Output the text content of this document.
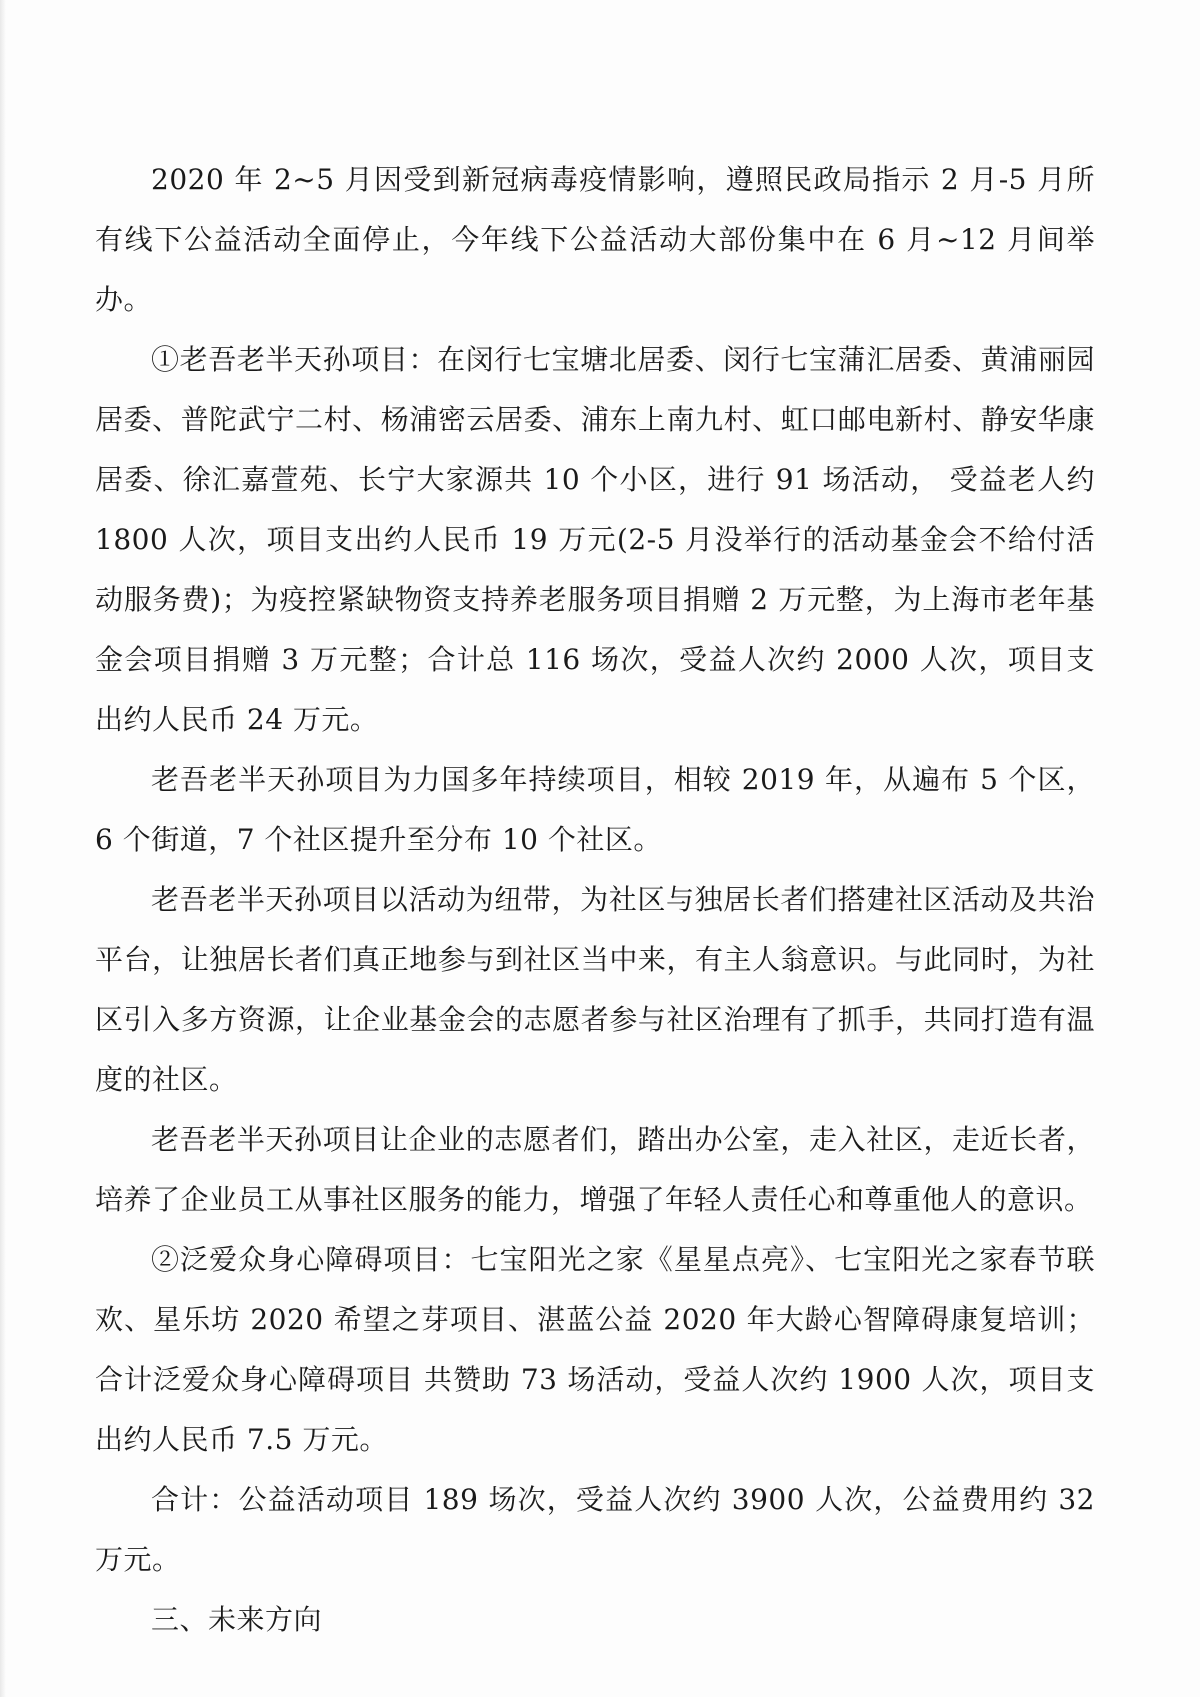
2020 年 2~5 月因受到新冠病毒疫情影响，遵照民政局指示 2 月-5 月所有线下公益活动全面停止，今年线下公益活动大部份集中在 6 月~12 月间举办。

①老吾老半天孙项目：在闵行七宝塘北居委、闵行七宝蒲汇居委、黄浦丽园居委、普陀武宁二村、杨浦密云居委、浦东上南九村、虹口邮电新村、静安华康居委、徐汇嘉萱苑、长宁大家源共 10 个小区，进行 91 场活动， 受益老人约 1800 人次，项目支出约人民币 19 万元(2-5 月没举行的活动基金会不给付活动服务费)；为疫控紧缺物资支持养老服务项目捐赠 2 万元整，为上海市老年基金会项目捐赠 3 万元整；合计总 116 场次，受益人次约 2000 人次，项目支出约人民币 24 万元。

老吾老半天孙项目为力国多年持续项目，相较 2019 年，从遍布 5 个区，6 个街道，7 个社区提升至分布 10 个社区。

老吾老半天孙项目以活动为纽带，为社区与独居长者们搭建社区活动及共治平台，让独居长者们真正地参与到社区当中来，有主人翁意识。与此同时，为社区引入多方资源，让企业基金会的志愿者参与社区治理有了抓手，共同打造有温度的社区。

老吾老半天孙项目让企业的志愿者们，踏出办公室，走入社区，走近长者，培养了企业员工从事社区服务的能力，增强了年轻人责任心和尊重他人的意识。

②泛爱众身心障碍项目：七宝阳光之家《星星点亮》、七宝阳光之家春节联欢、星乐坊 2020 希望之芽项目、湛蓝公益 2020 年大龄心智障碍康复培训；合计泛爱众身心障碍项目 共赞助 73 场活动，受益人次约 1900 人次，项目支出约人民币 7.5 万元。

合计：公益活动项目 189 场次，受益人次约 3900 人次，公益费用约 32 万元。

三、未来方向
